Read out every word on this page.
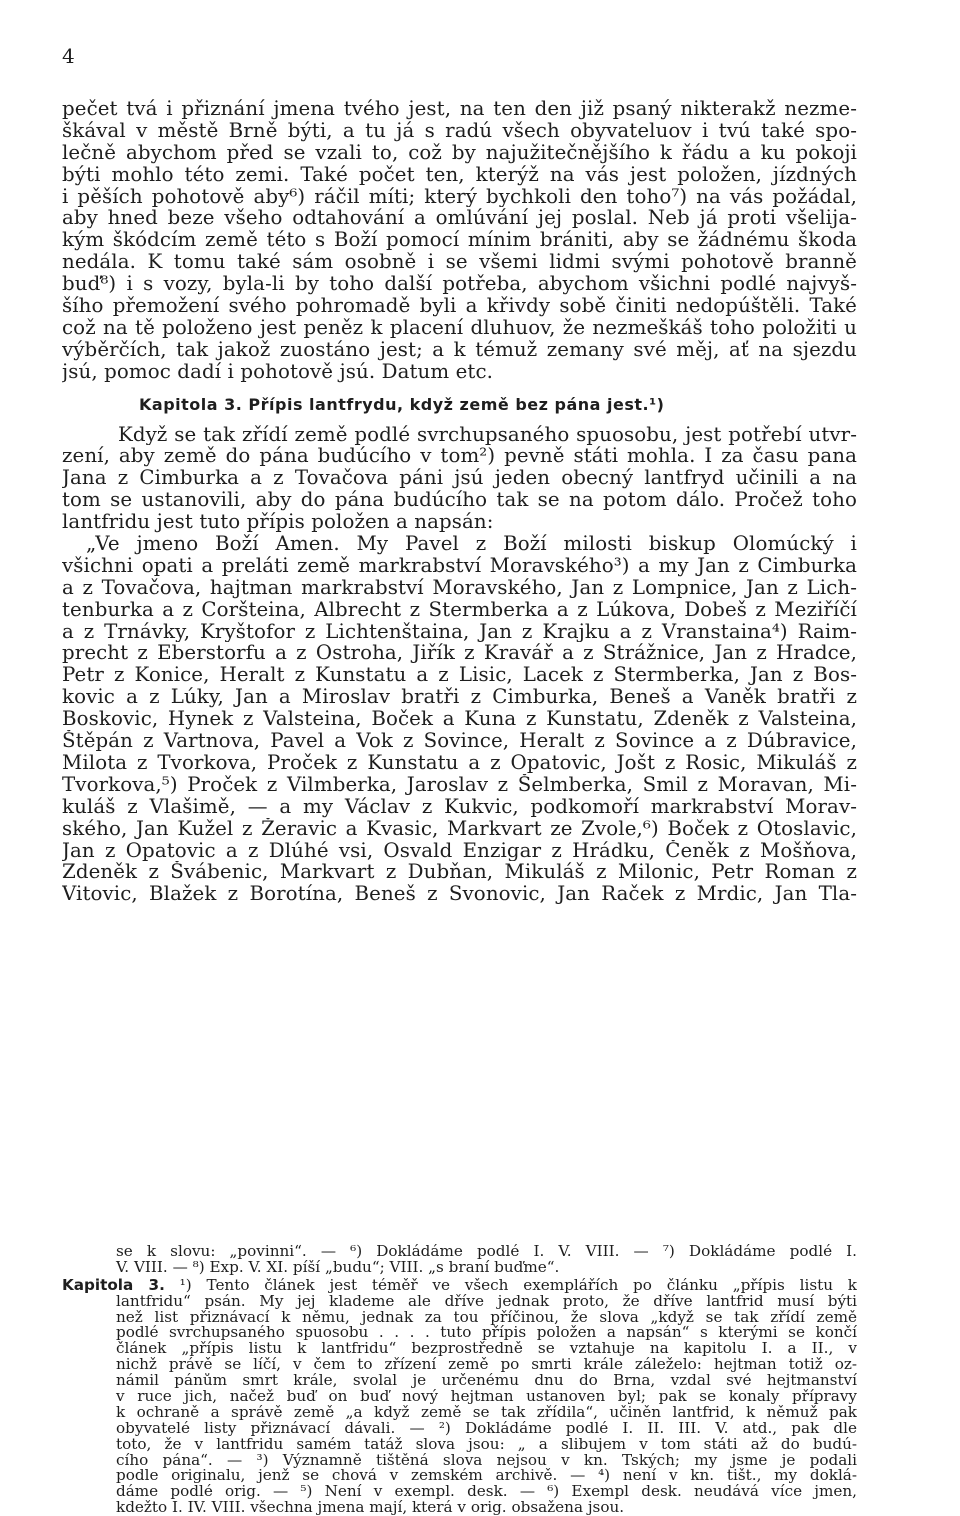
4
pečet tvá i přiznání jmena tvého jest, na ten den již psaný nikterakž nezme-
škával v městě Brně býti, a tu já s radú všech obyvateluov i tvú také spo-
lečně abychom před se vzali to, což by najužitečnějšího k řádu a ku pokoji
býti mohlo této zemi. Také počet ten, kterýž na vás jest položen, jízdných
i pěších pohotově aby⁶) ráčil míti; který bychkoli den toho⁷) na vás požádal,
aby hned beze všeho odtahování a omlúvání jej poslal. Neb já proti všelija-
kým škódcím země této s Boží pomocí mínim brániti, aby se žádnému škoda
nedála. K tomu také sám osobně i se všemi lidmi svými pohotově branně
buď⁸) i s vozy, byla-li by toho další potřeba, abychom všichni podlé najvyš-
šího přemožení svého pohromadě byli a křivdy sobě činiti nedopúštěli. Také
což na tě položeno jest peněz k placení dluhuov, že nezmeškáš toho položiti u
výběrčích, tak jakož zuostáno jest; a k témuž zemany své měj, ať na sjezdu
jsú, pomoc dadí i pohotově jsú. Datum etc.
Kapitola 3. Přípis lantfrydu, když země bez pána jest.¹)
Když se tak zřídí země podlé svrchupsaného spuosobu, jest potřebí utvr-
zení, aby země do pána budúcího v tom²) pevně státi mohla. I za času pana
Jana z Cimburka a z Tovačova páni jsú jeden obecný lantfryd učinili a na
tom se ustanovili, aby do pána budúcího tak se na potom dálo. Pročež toho
lantfridu jest tuto přípis položen a napsán:
„Ve jmeno Boží Amen. My Pavel z Boží milosti biskup Olomúcký i
všichni opati a preláti země markrabství Moravského³) a my Jan z Cimburka
a z Tovačova, hajtman markrabství Moravského, Jan z Lompnice, Jan z Lich-
tenburka a z Coršteina, Albrecht z Stermberka a z Lúkova, Dobeš z Meziříčí
a z Trnávky, Kryštofor z Lichtenštaina, Jan z Krajku a z Vranstaina⁴) Raim-
precht z Eberstorfu a z Ostroha, Jiřík z Kravář a z Strážnice, Jan z Hradce,
Petr z Konice, Heralt z Kunstatu a z Lisic, Lacek z Stermberka, Jan z Bos-
kovic a z Lúky, Jan a Miroslav bratři z Cimburka, Beneš a Vaněk bratři z
Boskovic, Hynek z Valsteina, Boček a Kuna z Kunstatu, Zdeněk z Valsteina,
Štěpán z Vartnova, Pavel a Vok z Sovince, Heralt z Sovince a z Dúbravice,
Milota z Tvorkova, Proček z Kunstatu a z Opatovic, Jošt z Rosic, Mikuláš z
Tvorkova,⁵) Proček z Vilmberka, Jaroslav z Šelmberka, Smil z Moravan, Mi-
kuláš z Vlašimě, — a my Václav z Kukvic, podkomoří markrabství Morav-
ského, Jan Kužel z Žeravic a Kvasic, Markvart ze Zvole,⁶) Boček z Otoslavic,
Jan z Opatovic a z Dlúhé vsi, Osvald Enzigar z Hrádku, Čeněk z Mošňova,
Zdeněk z Švábenic, Markvart z Dubňan, Mikuláš z Milonic, Petr Roman z
Vitovic, Blažek z Borotína, Beneš z Svonovic, Jan Raček z Mrdic, Jan Tla-
se k slovu: „povinni“. — ⁶) Dokládáme podlé I. V. VIII. — ⁷) Dokládáme podlé I.
V. VIII. — ⁸) Exp. V. XI. píší „budu“; VIII. „s braní buďme“.
Kapitola 3. ¹) Tento článek jest téměř ve všech exemplářích po článku „přípis listu k
lantfridu“ psán. My jej klademe ale dříve jednak proto, že dříve lantfrid musí býti
než list přiznávací k němu, jednak za tou příčinou, že slova „když se tak zřídí země
podlé svrchupsaného spuosobu . . . . tuto přípis položen a napsán“ s kterými se končí
článek „přípis listu k lantfridu“ bezprostředně se vztahuje na kapitolu I. a II., v
nichž právě se líčí, v čem to zřízení země po smrti krále záleželo: hejtman totiž oz-
námil pánům smrt krále, svolal je určenému dnu do Brna, vzdal své hejtmanství
v ruce jich, načež buď on buď nový hejtman ustanoven byl; pak se konaly přípravy
k ochraně a správě země „a když země se tak zřídila“, učiněn lantfrid, k němuž pak
obyvatelé listy přiznávací dávali. — ²) Dokládáme podlé I. II. III. V. atd., pak dle
toto, že v lantfridu samém tatáž slova jsou: „ a slibujem v tom státi až do budú-
cího pána“. — ³) Významně tištěná slova nejsou v kn. Tských; my jsme je podali
podle originalu, jenž se chová v zemském archivě. — ⁴) není v kn. tišt., my doklá-
dáme podlé orig. — ⁵) Není v exempl. desk. — ⁶) Exempl desk. neudává více jmen,
kdežto I. IV. VIII. všechna jmena mají, která v orig. obsažena jsou.
